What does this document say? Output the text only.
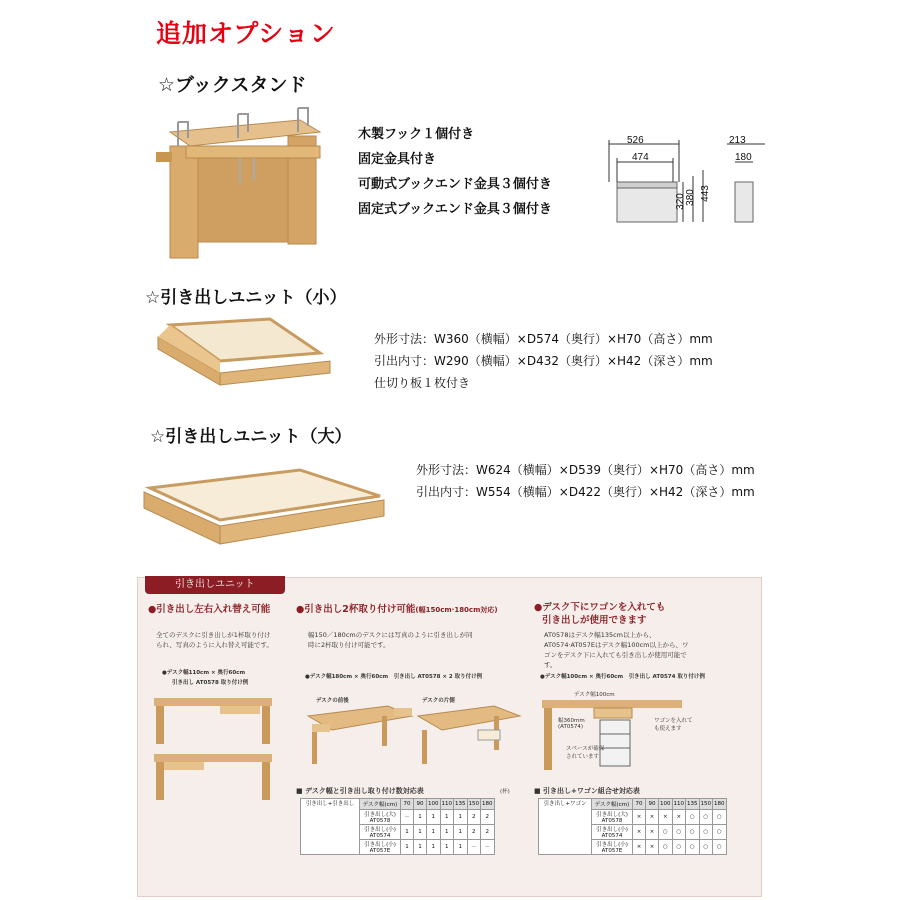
追加オプション
☆ブックスタンド
木製フック１個付き
固定金具付き
可動式ブックエンド金具３個付き
固定式ブックエンド金具３個付き
526
474
320 380 443
213
180
☆引き出しユニット（小）
外形寸法：W360（横幅）×D574（奥行）×H70（高さ）mm
引出内寸：W290（横幅）×D432（奥行）×H42（深さ）mm
仕切り板１枚付き
☆引き出しユニット（大）
外形寸法：W624（横幅）×D539（奥行）×H70（高さ）mm
引出内寸：W554（横幅）×D422（奥行）×H42（深さ）mm
引き出しユニット
●引き出し左右入れ替え可能
全てのデスクに引き出しが1杯取り付けられ、写真のように入れ替え可能です。
●デスク幅110cm × 奥行60cm
引き出し AT0578 取り付け例
●引き出し2杯取り付け可能(幅150cm·180cm対応)
幅150／180cmのデスクには写真のように引き出しが同時に2杯取り付け可能です。
●デスク幅180cm × 奥行60cm　引き出し AT0578 × 2 取り付け例
デスクの前後	デスクの片側
●デスク下にワゴンを入れても
引き出しが使用できます
AT0578はデスク幅135cm以上から、AT0574·AT057Eはデスク幅100cm以上から、ワゴンをデスク下に入れても引き出しが使用可能です。
●デスク幅100cm × 奥行60cm　引き出し AT0574 取り付け例
デスク幅100cm
幅360mm (AT0574)
ワゴンを入れても使えます
スペースが確保されています
■ デスク幅と引き出し取り付け数対応表	(杯)
引き出し+引き出し	デスク幅(cm)	70	90	100	110	135	150	180
	引き出し(大) AT0578	－	1	1	1	1	2	2
	引き出し(小) AT0574	1	1	1	1	1	2	2
	引き出し(小) AT057E	1	1	1	1	1	－	－
■ 引き出し+ワゴン組合せ対応表
引き出し+ワゴン	デスク幅(cm)	70	90	100	110	135	150	180
	引き出し(大) AT0578	×	×	×	×	○	○	○
	引き出し(小) AT0574	×	×	○	○	○	○	○
	引き出し(小) AT057E	×	×	○	○	○	○	○
